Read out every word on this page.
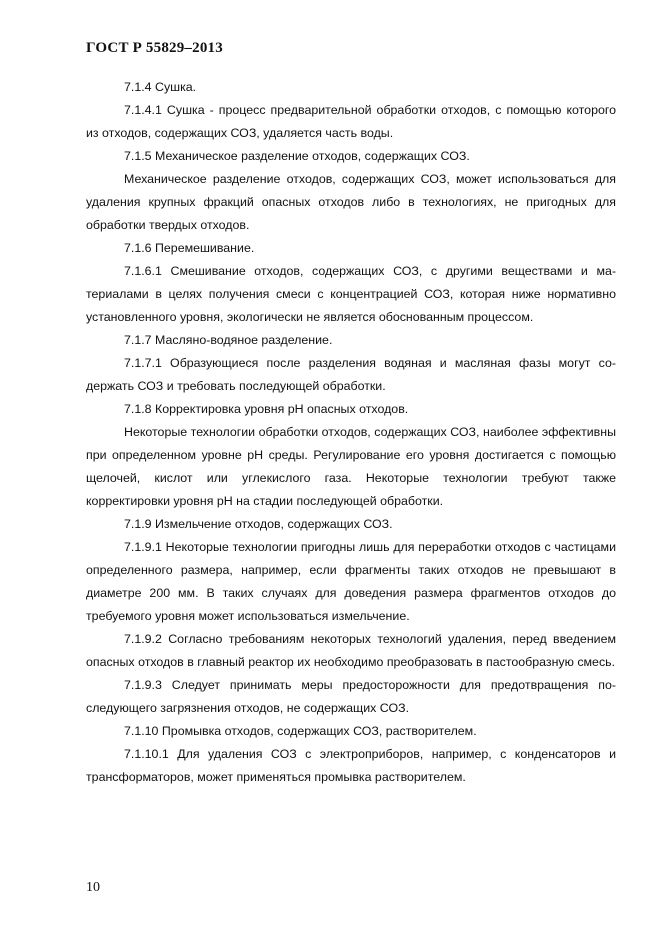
ГОСТ Р 55829–2013

7.1.4 Сушка.

7.1.4.1 Сушка - процесс предварительной обработки отходов, с помощью которого из отходов, содержащих СОЗ, удаляется часть воды.

7.1.5 Механическое разделение отходов, содержащих СОЗ.

Механическое разделение отходов, содержащих СОЗ, может использоваться для удаления крупных фракций опасных отходов либо в технологиях, не пригодных для обработки твердых отходов.

7.1.6 Перемешивание.

7.1.6.1 Смешивание отходов, содержащих СОЗ, с другими веществами и материалами в целях получения смеси с концентрацией СОЗ, которая ниже нормативно установленного уровня, экологически не является обоснованным процессом.

7.1.7 Масляно-водяное разделение.

7.1.7.1 Образующиеся после разделения водяная и масляная фазы могут содержать СОЗ и требовать последующей обработки.

7.1.8 Корректировка уровня рН опасных отходов.

Некоторые технологии обработки отходов, содержащих СОЗ, наиболее эффективны при определенном уровне рН среды. Регулирование его уровня достигается с помощью щелочей, кислот или углекислого газа. Некоторые технологии требуют также корректировки уровня рН на стадии последующей обработки.

7.1.9 Измельчение отходов, содержащих СОЗ.

7.1.9.1 Некоторые технологии пригодны лишь для переработки отходов с частицами определенного размера, например, если фрагменты таких отходов не превышают в диаметре 200 мм. В таких случаях для доведения размера фрагментов отходов до требуемого уровня может использоваться измельчение.

7.1.9.2 Согласно требованиям некоторых технологий удаления, перед введением опасных отходов в главный реактор их необходимо преобразовать в пастообразную смесь.

7.1.9.3 Следует принимать меры предосторожности для предотвращения последующего загрязнения отходов, не содержащих СОЗ.

7.1.10 Промывка отходов, содержащих СОЗ, растворителем.

7.1.10.1 Для удаления СОЗ с электроприборов, например, с конденсаторов и трансформаторов, может применяться промывка растворителем.

10
